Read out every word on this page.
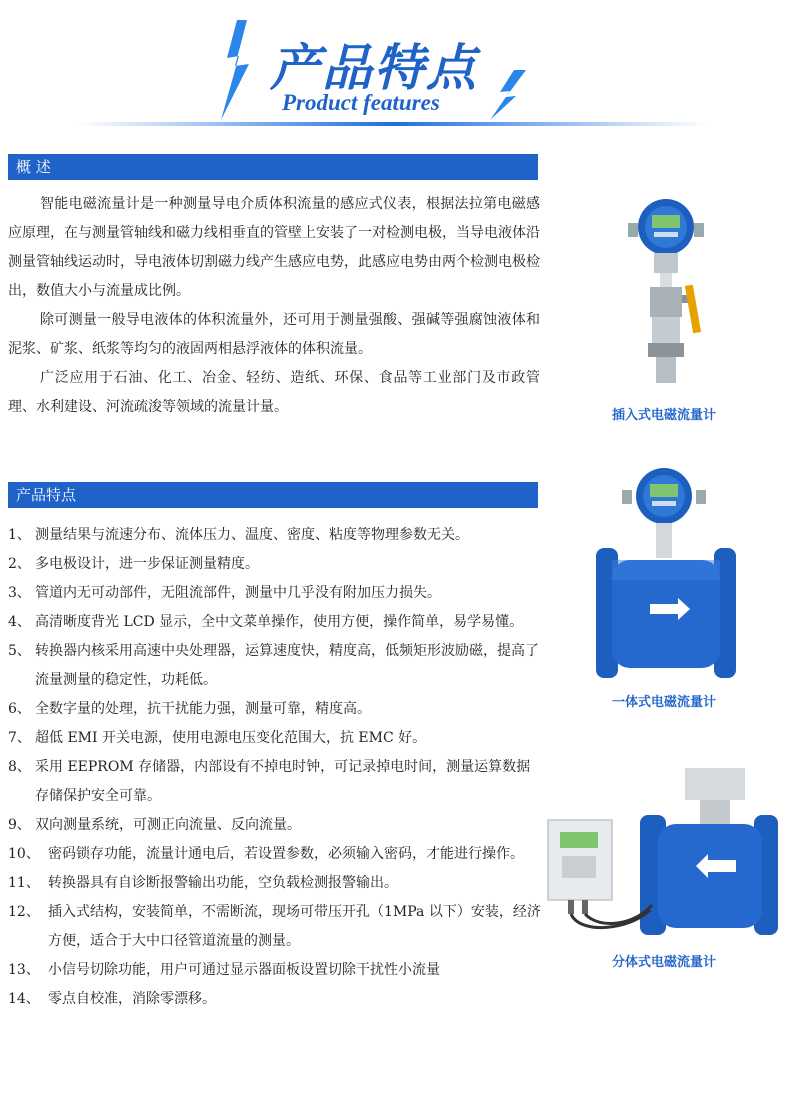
产品特点
Product features
概 述

智能电磁流量计是一种测量导电介质体积流量的感应式仪表，根据法拉第电磁感应原理，在与测量管轴线和磁力线相垂直的管壁上安装了一对检测电极，当导电液体沿测量管轴线运动时，导电液体切割磁力线产生感应电势，此感应电势由两个检测电极检出，数值大小与流量成比例。

除可测量一般导电液体的体积流量外，还可用于测量强酸、强碱等强腐蚀液体和泥浆、矿浆、纸浆等均匀的液固两相悬浮液体的体积流量。

广泛应用于石油、化工、冶金、轻纺、造纸、环保、食品等工业部门及市政管理、水利建设、河流疏浚等领域的流量计量。

产品特点
1、 测量结果与流速分布、流体压力、温度、密度、粘度等物理参数无关。
2、 多电极设计，进一步保证测量精度。
3、 管道内无可动部件，无阻流部件，测量中几乎没有附加压力损失。
4、 高清晰度背光 LCD 显示，全中文菜单操作，使用方便，操作简单，易学易懂。
5、 转换器内核采用高速中央处理器，运算速度快，精度高，低频矩形波励磁，提高了流量测量的稳定性，功耗低。
6、 全数字量的处理，抗干扰能力强，测量可靠，精度高。
7、 超低 EMI 开关电源，使用电源电压变化范围大，抗 EMC 好。
8、 采用 EEPROM 存储器，内部设有不掉电时钟，可记录掉电时间，测量运算数据存储保护安全可靠。
9、 双向测量系统，可测正向流量、反向流量。
10、 密码锁存功能，流量计通电后，若设置参数，必须输入密码，才能进行操作。
11、 转换器具有自诊断报警输出功能，空负载检测报警输出。
12、 插入式结构，安装简单，不需断流，现场可带压开孔（1MPa 以下）安装，经济方便，适合于大中口径管道流量的测量。
13、 小信号切除功能，用户可通过显示器面板设置切除干扰性小流量
14、 零点自校准，消除零漂移。
插入式电磁流量计
一体式电磁流量计
分体式电磁流量计
